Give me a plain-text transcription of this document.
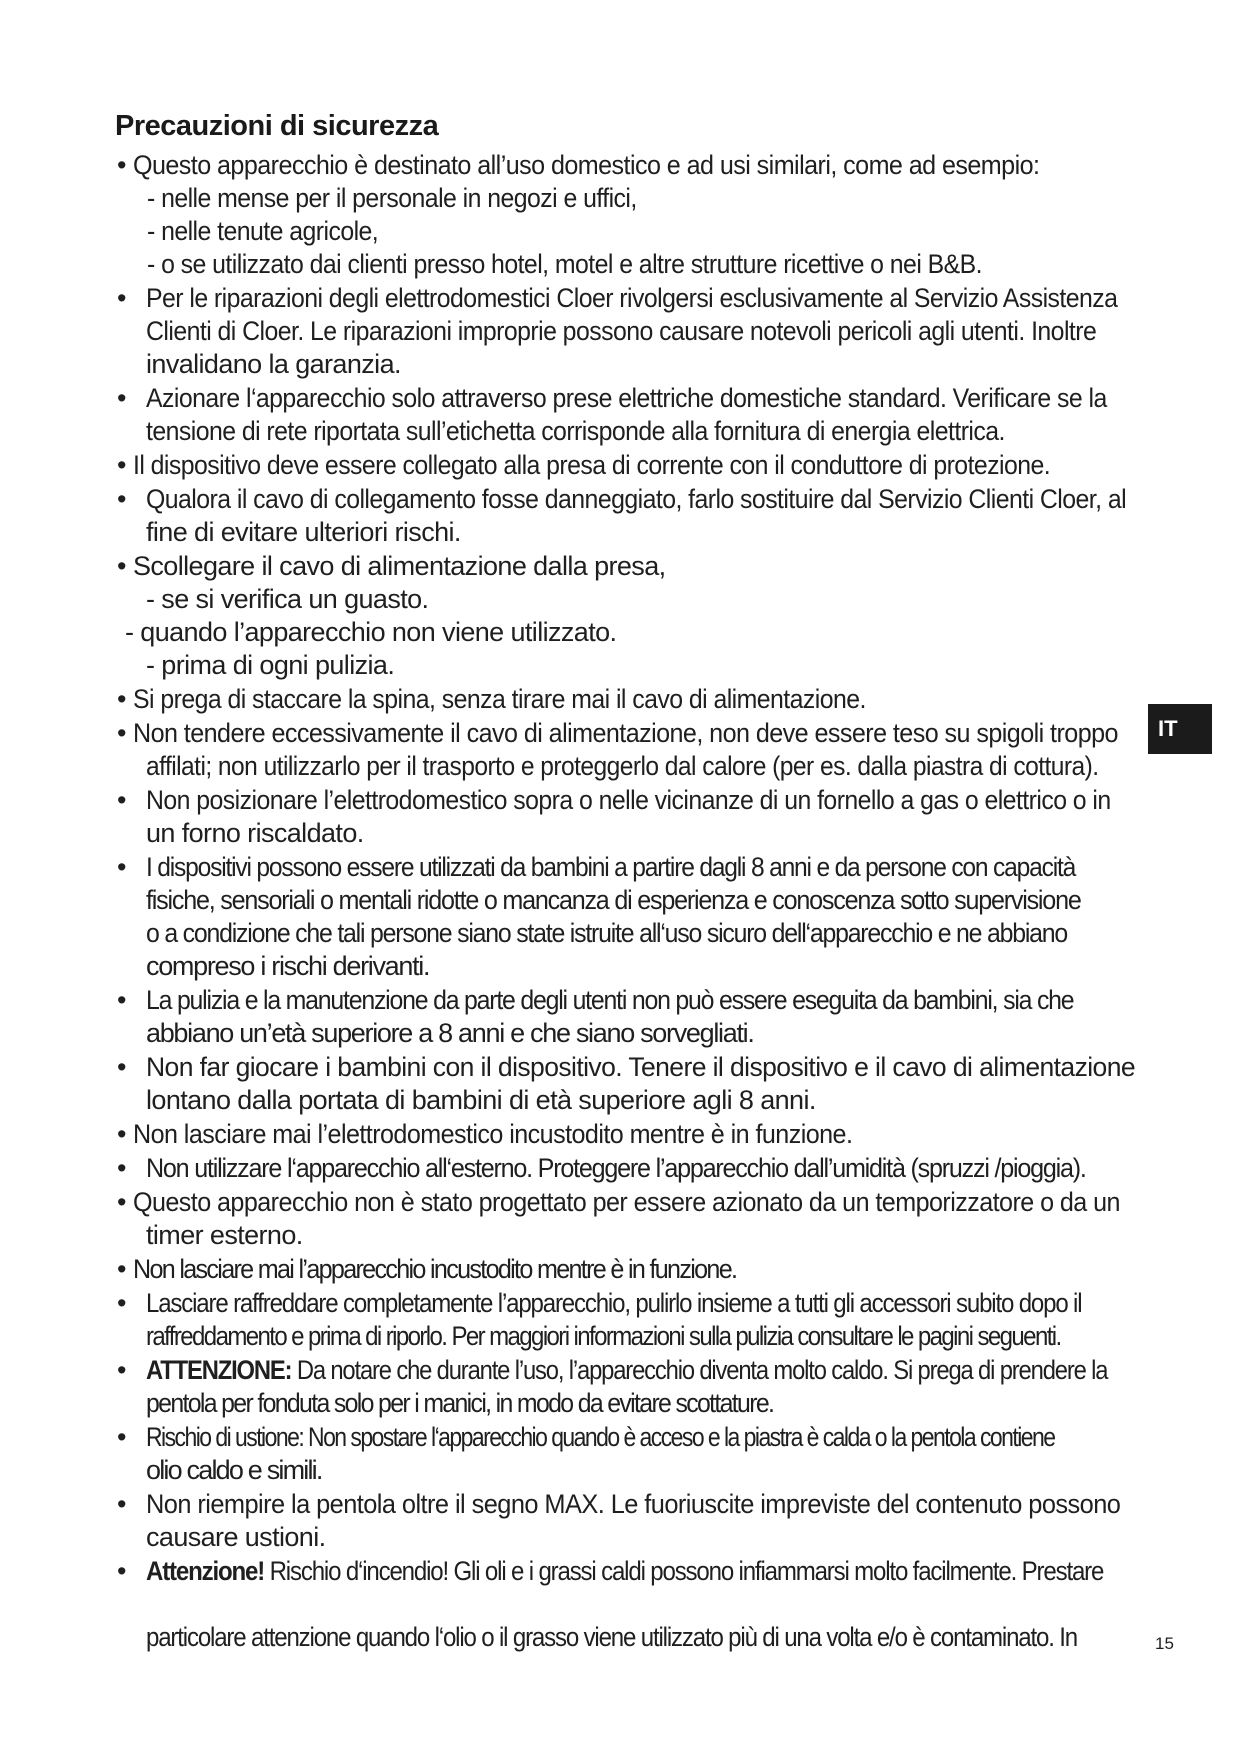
Precauzioni di sicurezza
• Questo apparecchio è destinato all’uso domestico e ad usi similari, come ad esempio:
- nelle mense per il personale in negozi e uffici,
- nelle tenute agricole,
- o se utilizzato dai clienti presso hotel, motel e altre strutture ricettive o nei B&B.
• Per le riparazioni degli elettrodomestici Cloer rivolgersi esclusivamente al Servizio Assistenza
Clienti di Cloer. Le riparazioni improprie possono causare notevoli pericoli agli utenti. Inoltre
invalidano la garanzia.
• Azionare l‘apparecchio solo attraverso prese elettriche domestiche standard. Verificare se la
tensione di rete riportata sull’etichetta corrisponde alla fornitura di energia elettrica.
• Il dispositivo deve essere collegato alla presa di corrente con il conduttore di protezione.
• Qualora il cavo di collegamento fosse danneggiato, farlo sostituire dal Servizio Clienti Cloer, al
fine di evitare ulteriori rischi.
• Scollegare il cavo di alimentazione dalla presa,
- se si verifica un guasto.
- quando l’apparecchio non viene utilizzato.
- prima di ogni pulizia.
• Si prega di staccare la spina, senza tirare mai il cavo di alimentazione.
• Non tendere eccessivamente il cavo di alimentazione, non deve essere teso su spigoli troppo
affilati; non utilizzarlo per il trasporto e proteggerlo dal calore (per es. dalla piastra di cottura).
• Non posizionare l’elettrodomestico sopra o nelle vicinanze di un fornello a gas o elettrico o in
un forno riscaldato.
• I dispositivi possono essere utilizzati da bambini a partire dagli 8 anni e da persone con capacità
fisiche, sensoriali o mentali ridotte o mancanza di esperienza e conoscenza sotto supervisione
o a condizione che tali persone siano state istruite all‘uso sicuro dell‘apparecchio e ne abbiano
compreso i rischi derivanti.
• La pulizia e la manutenzione da parte degli utenti non può essere eseguita da bambini, sia che
abbiano un’età superiore a 8 anni e che siano sorvegliati.
• Non far giocare i bambini con il dispositivo. Tenere il dispositivo e il cavo di alimentazione
lontano dalla portata di bambini di età superiore agli 8 anni.
• Non lasciare mai l’elettrodomestico incustodito mentre è in funzione.
• Non utilizzare l‘apparecchio all‘esterno. Proteggere l’apparecchio dall’umidità (spruzzi /pioggia).
• Questo apparecchio non è stato progettato per essere azionato da un temporizzatore o da un
timer esterno.
• Non lasciare mai l’apparecchio incustodito mentre è in funzione.
• Lasciare raffreddare completamente l’apparecchio, pulirlo insieme a tutti gli accessori subito dopo il
raffreddamento e prima di riporlo. Per maggiori informazioni sulla pulizia consultare le pagini seguenti.
• ATTENZIONE: Da notare che durante l’uso, l’apparecchio diventa molto caldo. Si prega di prendere la
pentola per fonduta solo per i manici, in modo da evitare scottature.
• Rischio di ustione: Non spostare l‘apparecchio quando è acceso e la piastra è calda o la pentola contiene
olio caldo e simili.
• Non riempire la pentola oltre il segno MAX. Le fuoriuscite impreviste del contenuto possono
causare ustioni.
• Attenzione! Rischio d‘incendio! Gli oli e i grassi caldi possono infiammarsi molto facilmente. Prestare
particolare attenzione quando l‘olio o il grasso viene utilizzato più di una volta e/o è contaminato. In
IT
15
